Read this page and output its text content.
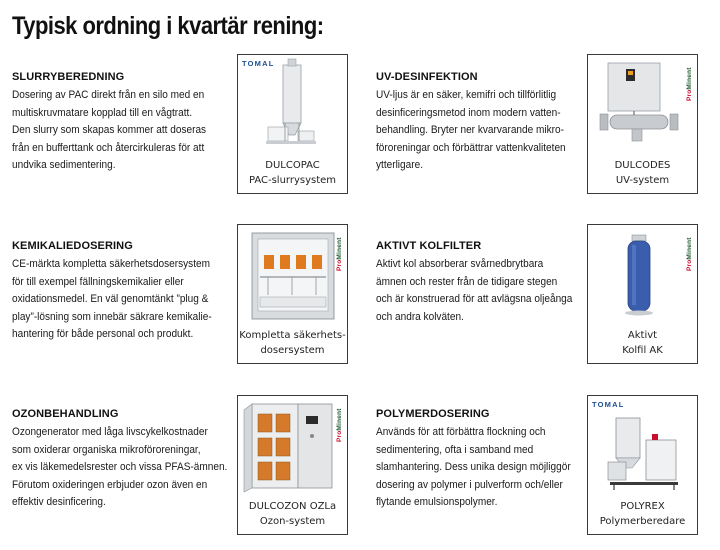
Typisk ordning i kvartär rening:
SLURRYBEREDNING

Dosering av PAC direkt från en silo med en
multiskruvmatare kopplad till en vågtratt.
Den slurry som skapas kommer att doseras
från en bufferttank och återcirkuleras för att
undvika sedimentering.

TOMAL
DULCOPAC
PAC-slurrysystem
UV-DESINFEKTION

UV-ljus är en säker, kemifri och tillförlitlig
desinficeringsmetod inom modern vatten-
behandling. Bryter ner kvarvarande mikro-
föroreningar och förbättrar vattenkvaliteten
ytterligare.

ProMinent
DULCODES
UV-system
KEMIKALIEDOSERING

CE-märkta kompletta säkerhetsdosersystem
för till exempel fällningskemikalier eller
oxidationsmedel. En väl genomtänkt ”plug &
play”-lösning som innebär säkrare kemikalie-
hantering för både personal och produkt.

ProMinent
Kompletta säkerhets-
dosersystem
AKTIVT KOLFILTER

Aktivt kol absorberar svårnedbrytbara
ämnen och rester från de tidigare stegen
och är konstruerad för att avlägsna oljeånga
och andra kolväten.

ProMinent
Aktivt
Kolfil AK
OZONBEHANDLING

Ozongenerator med låga livscykelkostnader
som oxiderar organiska mikroföroreningar,
ex vis läkemedelsrester och vissa PFAS-ämnen.
Förutom oxideringen erbjuder ozon även en
effektiv desinficering.

ProMinent
DULCOZON OZLa
Ozon-system
POLYMERDOSERING

Används för att förbättra flockning och
sedimentering, ofta i samband med
slamhantering. Dess unika design möjliggör
dosering av polymer i pulverform och/eller
flytande emulsionspolymer.

TOMAL
POLYREX
Polymerberedare
